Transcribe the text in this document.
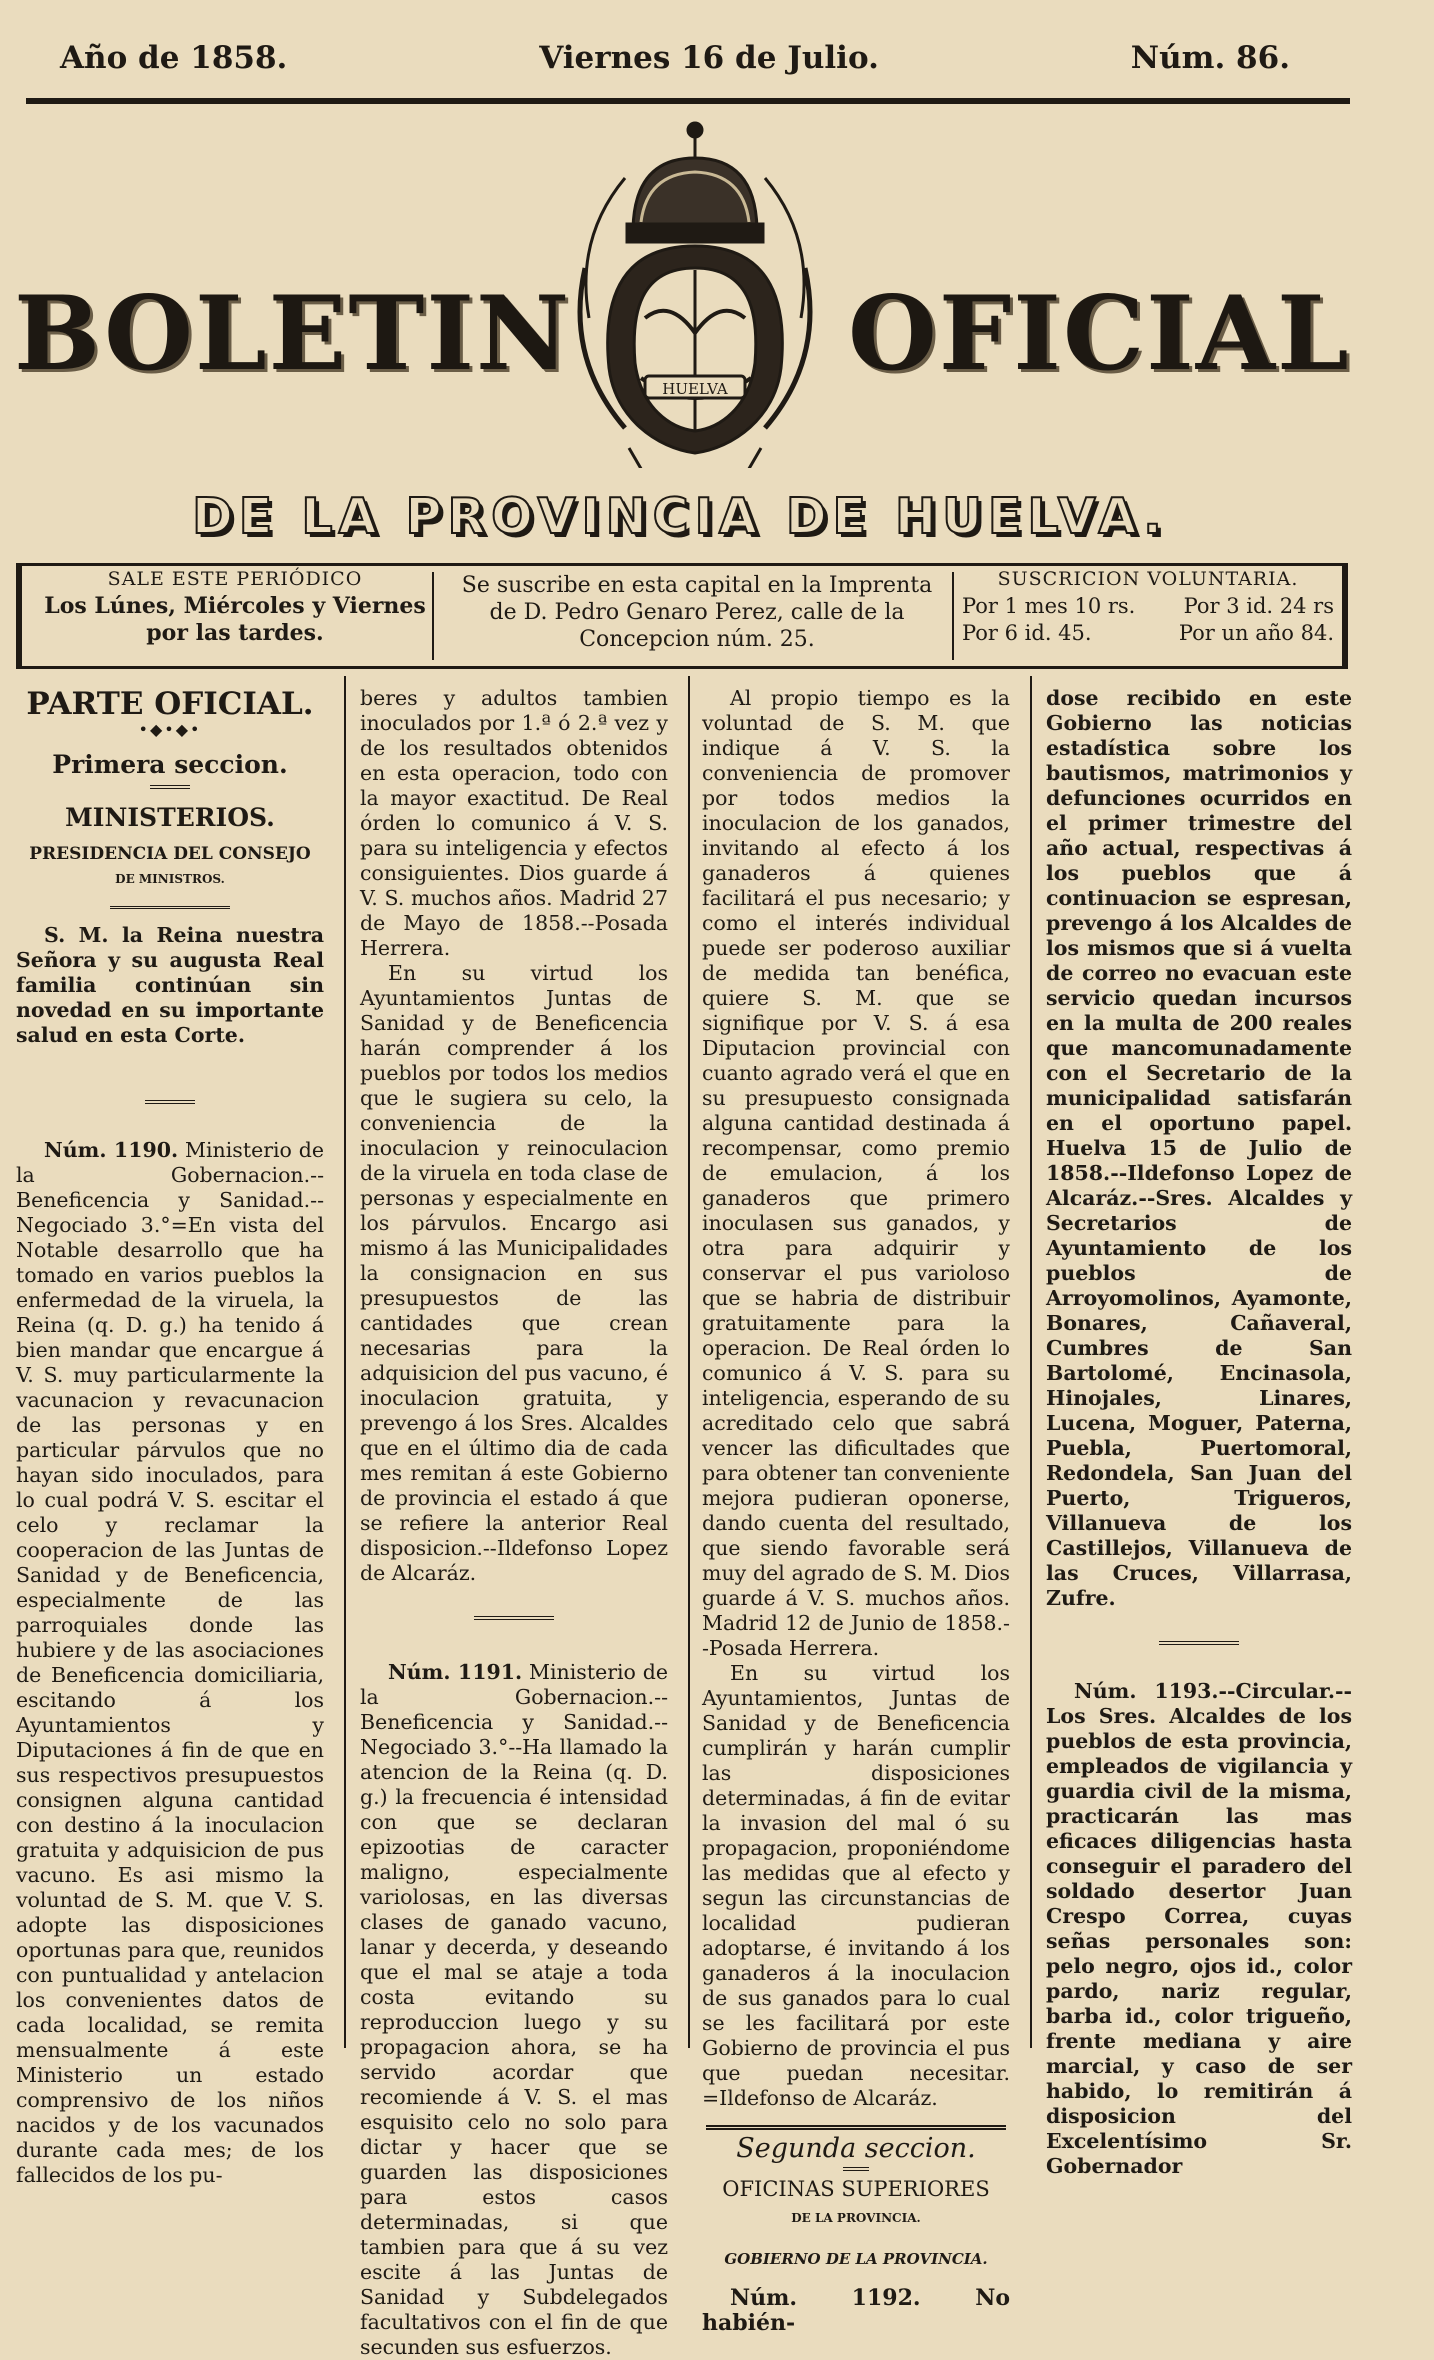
Año de 1858.	Viernes 16 de Julio.	Núm. 86.
BOLETIN	OFICIAL
HUELVA
DE LA PROVINCIA DE HUELVA.
SALE ESTE PERIÓDICO
Los Lúnes, Miércoles y Viernes por las tardes.
Se suscribe en esta capital en la Imprenta de D. Pedro Genaro Perez, calle de la Concepcion núm. 25.
SUSCRICION VOLUNTARIA.
Por 1 mes 10 rs. Por 3 id. 24 rs
Por 6 id. 45.	Por un año 84.
PARTE OFICIAL.
•◆•◆•
Primera seccion.
MINISTERIOS.
PRESIDENCIA DEL CONSEJO
DE MINISTROS.

S. M. la Reina nuestra Señora y su augusta Real familia continúan sin novedad en su importante salud en esta Corte.

Núm. 1190. Ministerio de la Gobernacion.--Beneficencia y Sanidad.--Negociado 3.°=En vista del Notable desarrollo que ha tomado en varios pueblos la enfermedad de la viruela, la Reina (q. D. g.) ha tenido á bien mandar que encargue á V. S. muy particularmente la vacunacion y revacunacion de las personas y en particular párvulos que no hayan sido inoculados, para lo cual podrá V. S. escitar el celo y reclamar la cooperacion de las Juntas de Sanidad y de Beneficencia, especialmente de las parroquiales donde las hubiere y de las asociaciones de Beneficencia domiciliaria, escitando á los Ayuntamientos y Diputaciones á fin de que en sus respectivos presupuestos consignen alguna cantidad con destino á la inoculacion gratuita y adquisicion de pus vacuno. Es asi mismo la voluntad de S. M. que V. S. adopte las disposiciones oportunas para que, reunidos con puntualidad y antelacion los convenientes datos de cada localidad, se remita mensualmente á este Ministerio un estado comprensivo de los niños nacidos y de los vacunados durante cada mes; de los fallecidos de los pu-

beres y adultos tambien inoculados por 1.ª ó 2.ª vez y de los resultados obtenidos en esta operacion, todo con la mayor exactitud. De Real órden lo comunico á V. S. para su inteligencia y efectos consiguientes. Dios guarde á V. S. muchos años. Madrid 27 de Mayo de 1858.--Posada Herrera.

En su virtud los Ayuntamientos Juntas de Sanidad y de Beneficencia harán comprender á los pueblos por todos los medios que le sugiera su celo, la conveniencia de la inoculacion y reinoculacion de la viruela en toda clase de personas y especialmente en los párvulos. Encargo asi mismo á las Municipalidades la consignacion en sus presupuestos de las cantidades que crean necesarias para la adquisicion del pus vacuno, é inoculacion gratuita, y prevengo á los Sres. Alcaldes que en el último dia de cada mes remitan á este Gobierno de provincia el estado á que se refiere la anterior Real disposicion.--Ildefonso Lopez de Alcaráz.

Núm. 1191. Ministerio de la Gobernacion.--Beneficencia y Sanidad.--Negociado 3.°--Ha llamado la atencion de la Reina (q. D. g.) la frecuencia é intensidad con que se declaran epizootias de caracter maligno, especialmente variolosas, en las diversas clases de ganado vacuno, lanar y decerda, y deseando que el mal se ataje a toda costa evitando su reproduccion luego y su propagacion ahora, se ha servido acordar que recomiende á V. S. el mas esquisito celo no solo para dictar y hacer que se guarden las disposiciones para estos casos determinadas, si que tambien para que á su vez escite á las Juntas de Sanidad y Subdelegados facultativos con el fin de que secunden sus esfuerzos.

Al propio tiempo es la voluntad de S. M. que indique á V. S. la conveniencia de promover por todos medios la inoculacion de los ganados, invitando al efecto á los ganaderos á quienes facilitará el pus necesario; y como el interés individual puede ser poderoso auxiliar de medida tan benéfica, quiere S. M. que se signifique por V. S. á esa Diputacion provincial con cuanto agrado verá el que en su presupuesto consignada alguna cantidad destinada á recompensar, como premio de emulacion, á los ganaderos que primero inoculasen sus ganados, y otra para adquirir y conservar el pus varioloso que se habria de distribuir gratuitamente para la operacion. De Real órden lo comunico á V. S. para su inteligencia, esperando de su acreditado celo que sabrá vencer las dificultades que para obtener tan conveniente mejora pudieran oponerse, dando cuenta del resultado, que siendo favorable será muy del agrado de S. M. Dios guarde á V. S. muchos años. Madrid 12 de Junio de 1858.--Posada Herrera.

En su virtud los Ayuntamientos, Juntas de Sanidad y de Beneficencia cumplirán y harán cumplir las disposiciones determinadas, á fin de evitar la invasion del mal ó su propagacion, proponiéndome las medidas que al efecto y segun las circunstancias de localidad pudieran adoptarse, é invitando á los ganaderos á la inoculacion de sus ganados para lo cual se les facilitará por este Gobierno de provincia el pus que puedan necesitar. =Ildefonso de Alcaráz.

Segunda seccion.
OFICINAS SUPERIORES
DE LA PROVINCIA.
GOBIERNO DE LA PROVINCIA.

Núm. 1192. No habién-

dose recibido en este Gobierno las noticias estadística sobre los bautismos, matrimonios y defunciones ocurridos en el primer trimestre del año actual, respectivas á los pueblos que á continuacion se espresan, prevengo á los Alcaldes de los mismos que si á vuelta de correo no evacuan este servicio quedan incursos en la multa de 200 reales que mancomunadamente con el Secretario de la municipalidad satisfarán en el oportuno papel. Huelva 15 de Julio de 1858.--Ildefonso Lopez de Alcaráz.--Sres. Alcaldes y Secretarios de Ayuntamiento de los pueblos de Arroyomolinos, Ayamonte, Bonares, Cañaveral, Cumbres de San Bartolomé, Encinasola, Hinojales, Linares, Lucena, Moguer, Paterna, Puebla, Puertomoral, Redondela, San Juan del Puerto, Trigueros, Villanueva de los Castillejos, Villanueva de las Cruces, Villarrasa, Zufre.

Núm. 1193.--Circular.-- Los Sres. Alcaldes de los pueblos de esta provincia, empleados de vigilancia y guardia civil de la misma, practicarán las mas eficaces diligencias hasta conseguir el paradero del soldado desertor Juan Crespo Correa, cuyas señas personales son: pelo negro, ojos id., color pardo, nariz regular, barba id., color trigueño, frente mediana y aire marcial, y caso de ser habido, lo remitirán á disposicion del Excelentísimo Sr. Gobernador
